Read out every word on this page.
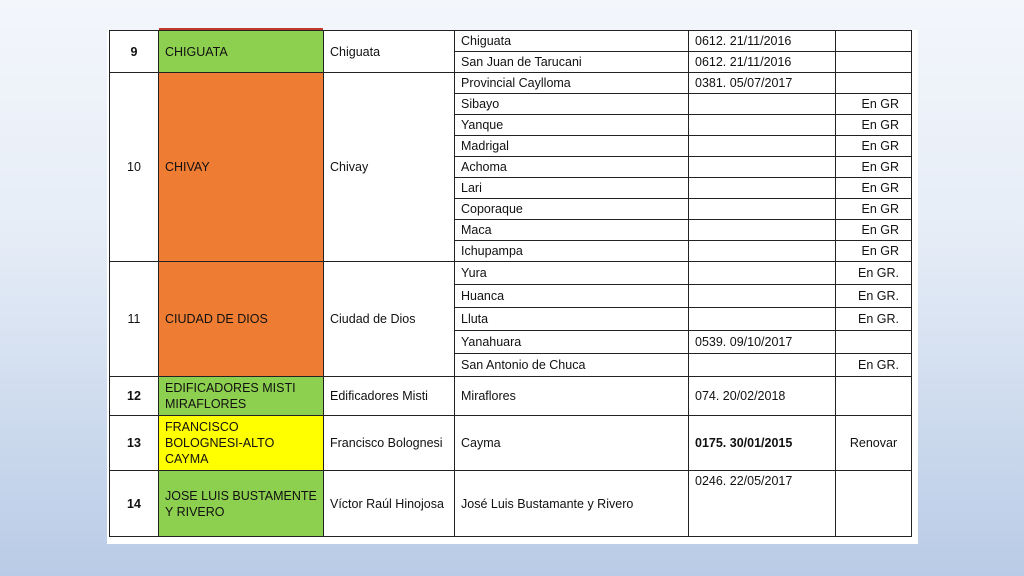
9	CHIGUATA	Chiguata	Chiguata	0612. 21/11/2016	
			San Juan de Tarucani	0612. 21/11/2016	
10	CHIVAY	Chivay	Provincial Caylloma	0381. 05/07/2017	
			Sibayo		En GR
			Yanque		En GR
			Madrigal		En GR
			Achoma		En GR
			Lari		En GR
			Coporaque		En GR
			Maca		En GR
			Ichupampa		En GR
11	CIUDAD DE DIOS	Ciudad de Dios	Yura		En GR.
			Huanca		En GR.
			Lluta		En GR.
			Yanahuara	0539. 09/10/2017	
			San Antonio de Chuca		En GR.
12	EDIFICADORES MISTI MIRAFLORES	Edificadores Misti	Miraflores	074. 20/02/2018	
13	FRANCISCO BOLOGNESI-ALTO CAYMA	Francisco Bolognesi	Cayma	0175. 30/01/2015	Renovar
14	JOSE LUIS BUSTAMENTE Y RIVERO	Víctor Raúl Hinojosa	José Luis Bustamante y Rivero	0246. 22/05/2017	
